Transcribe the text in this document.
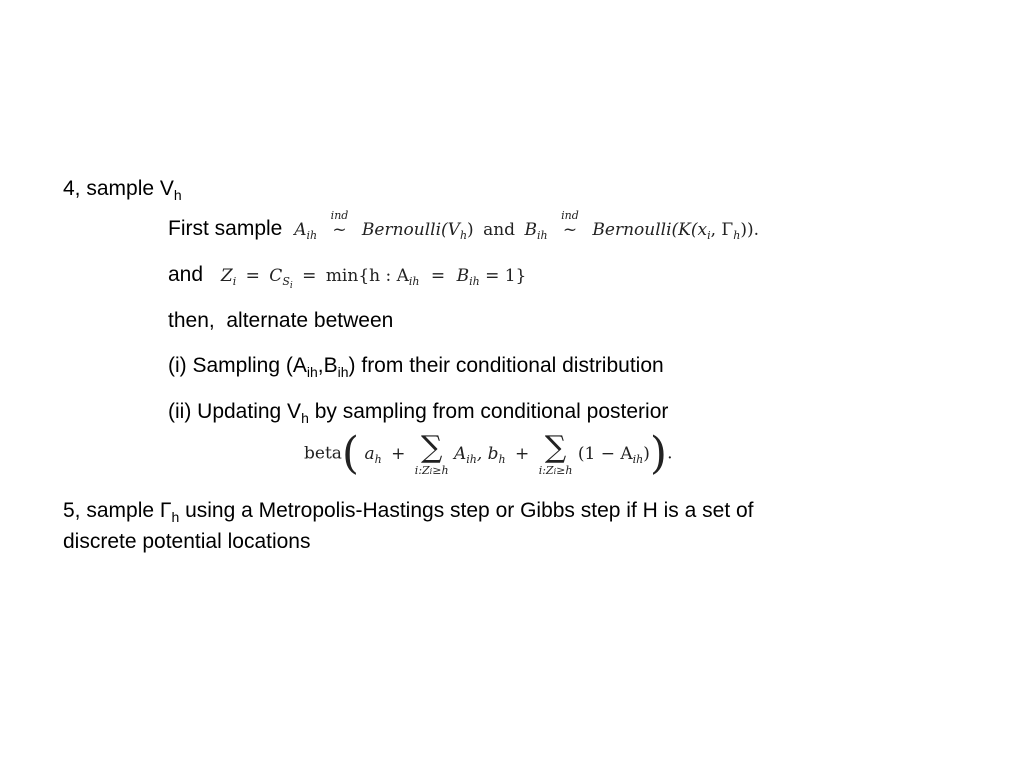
4, sample $V_h$
First sample $A_{ih}$
ind
~ $Bernoulli(V_h)$ and $B_{ih}$
ind
~ $Bernoulli(K(x_i$, $\Gamma_h$)).
and $Z_i = C_{Si} = \min\{h$ : $A_{ih} = B_{ih} = 1$}
then,  alternate between
(i) Sampling $(A_{ih},B_{ih})$ from their conditional distribution
(ii) Updating $V_h$ by sampling from conditional posterior
beta( $a_h$ + ∑
i:Zi≥h
$A_{ih}$, $b_h$ + ∑
i:Zi≥h
$(1 - A_{ih})$).
5, sample $\Gamma_h$ using a Metropolis-Hastings step or Gibbs step if H is a set of
discrete potential locations
